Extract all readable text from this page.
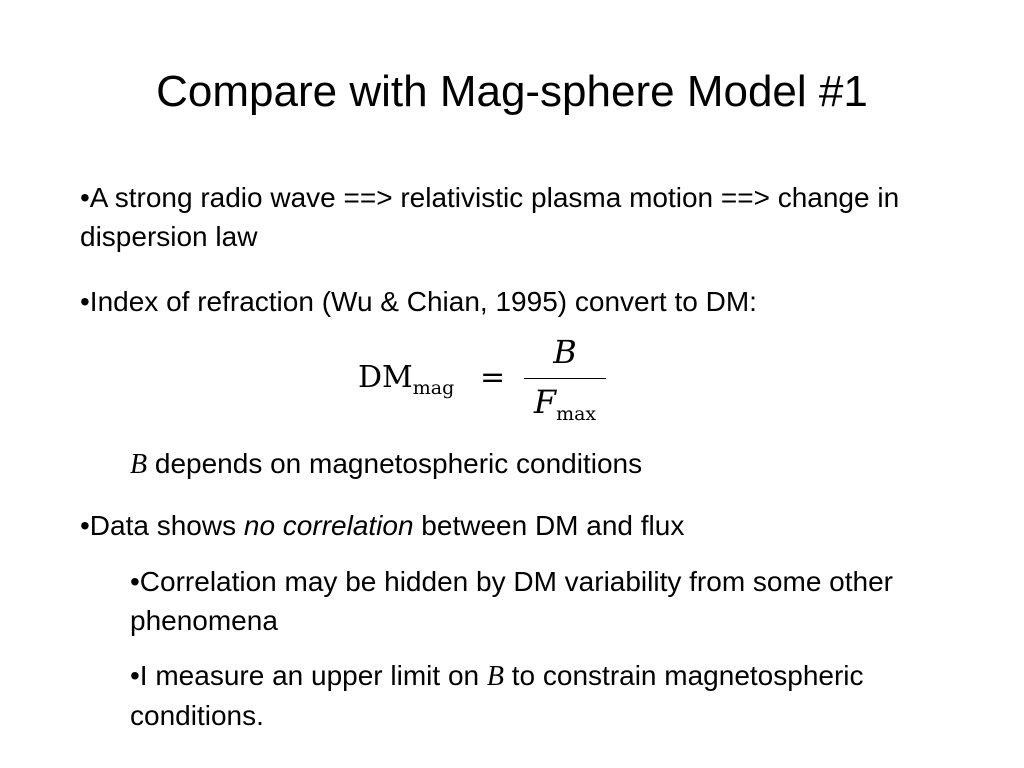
Compare with Mag-sphere Model #1

•A strong radio wave ==> relativistic plasma motion ==> change in dispersion law

•Index of refraction (Wu & Chian, 1995) convert to DM:

$DM_{mag}$ =
B
$F_{max}$

B depends on magnetospheric conditions

•Data shows no correlation between DM and flux

•Correlation may be hidden by DM variability from some other phenomena

•I measure an upper limit on B to constrain magnetospheric conditions.
